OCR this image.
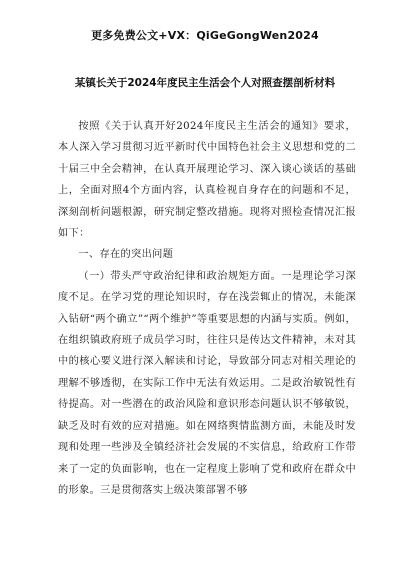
更多免费公文+VX：QiGeGongWen2024
某镇长关于2024年度民主生活会个人对照查摆剖析材料

按照《关于认真开好2024年度民主生活会的通知》要求，本人深入学习贯彻习近平新时代中国特色社会主义思想和党的二十届三中全会精神，在认真开展理论学习、深入谈心谈话的基础上，全面对照4个方面内容，认真检视自身存在的问题和不足，深刻剖析问题根源，研究制定整改措施。现将对照检查情况汇报如下：

一、存在的突出问题

（一）带头严守政治纪律和政治规矩方面。一是理论学习深度不足。在学习党的理论知识时，存在浅尝辄止的情况，未能深入钻研“两个确立”“两个维护”等重要思想的内涵与实质。例如，在组织镇政府班子成员学习时，往往只是传达文件精神，未对其中的核心要义进行深入解读和讨论，导致部分同志对相关理论的理解不够透彻，在实际工作中无法有效运用。二是政治敏锐性有待提高。对一些潜在的政治风险和意识形态问题认识不够敏锐，缺乏及时有效的应对措施。如在网络舆情监测方面，未能及时发现和处理一些涉及全镇经济社会发展的不实信息，给政府工作带来了一定的负面影响，也在一定程度上影响了党和政府在群众中的形象。三是贯彻落实上级决策部署不够
